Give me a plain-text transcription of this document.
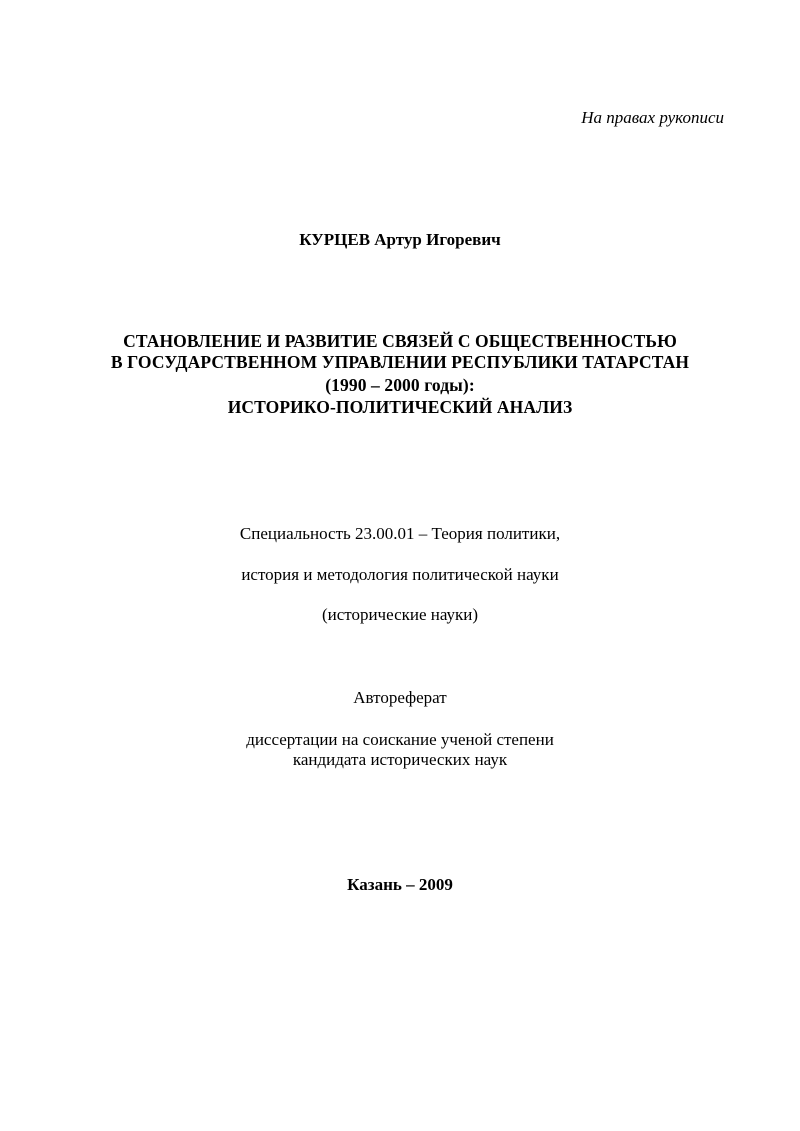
На правах рукописи
КУРЦЕВ Артур Игоревич
СТАНОВЛЕНИЕ И РАЗВИТИЕ СВЯЗЕЙ С ОБЩЕСТВЕННОСТЬЮ
В ГОСУДАРСТВЕННОМ УПРАВЛЕНИИ РЕСПУБЛИКИ ТАТАРСТАН
(1990 – 2000 годы):
ИСТОРИКО-ПОЛИТИЧЕСКИЙ АНАЛИЗ
Специальность 23.00.01 – Теория политики,
история и методология политической науки
(исторические науки)
Автореферат
диссертации на соискание ученой степени
кандидата исторических наук
Казань – 2009
